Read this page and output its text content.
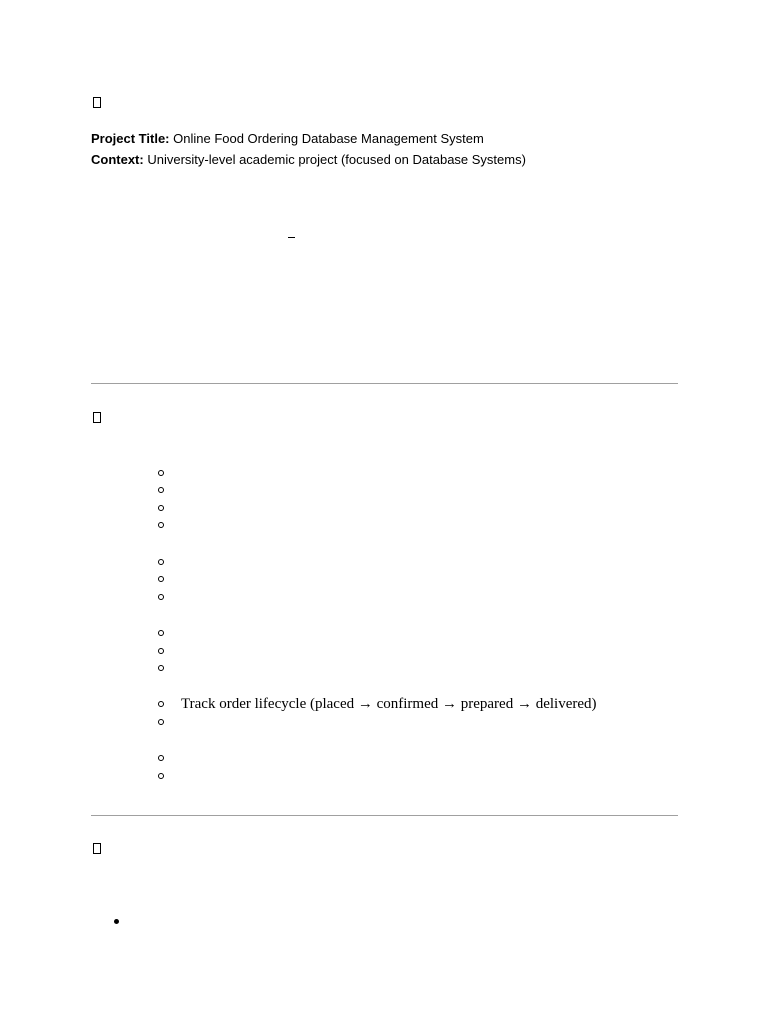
Project Title: Online Food Ordering Database Management System
Context: University-level academic project (focused on Database Systems)
Track order lifecycle (placed → confirmed → prepared → delivered)
